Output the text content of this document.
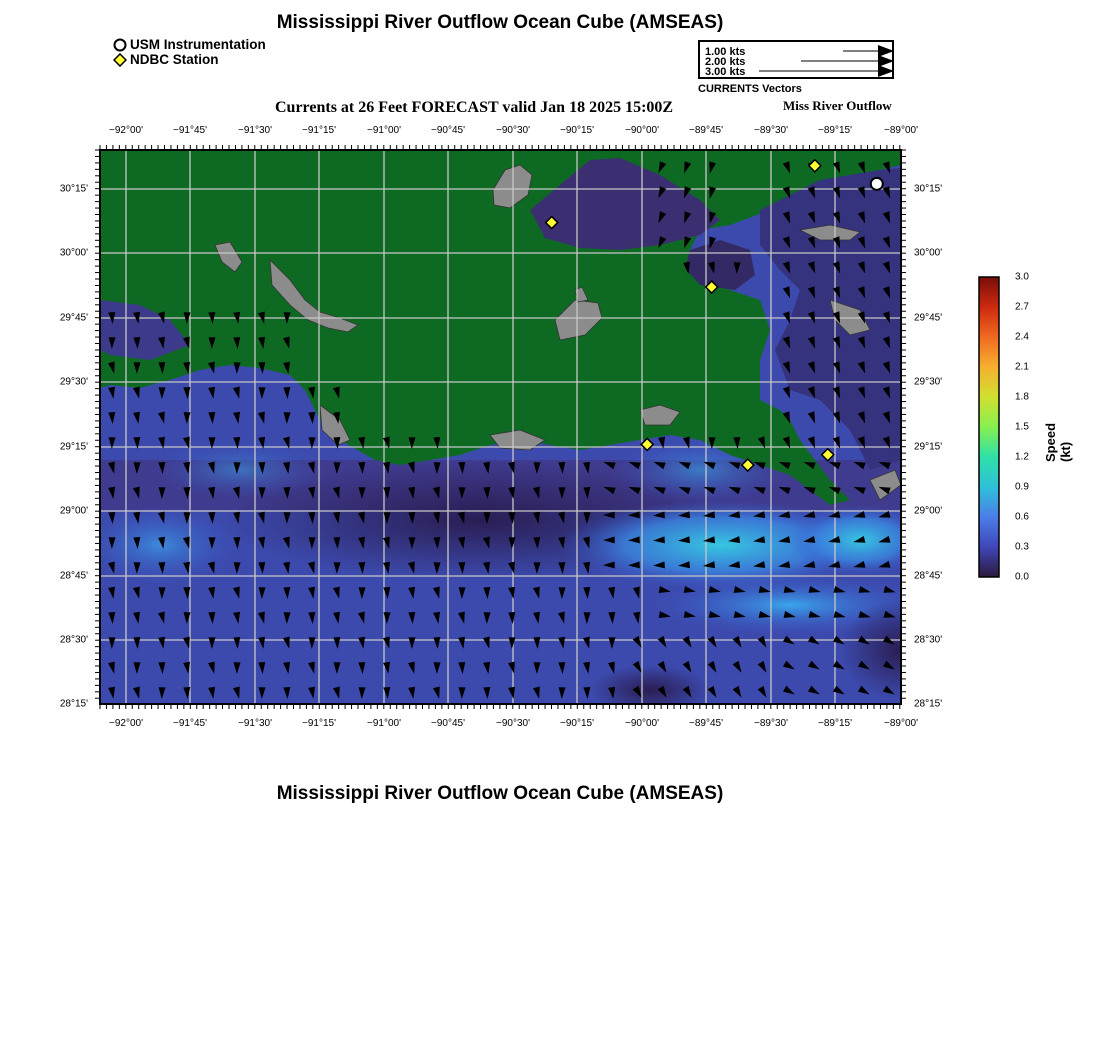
Mississippi River Outflow Ocean Cube (AMSEAS)
USM Instrumentation
NDBC Station	1.00 kts
2.00 kts
3.00 kts
CURRENTS Vectors
Currents at 26 Feet FORECAST valid Jan 18 2025 15:00Z	Miss River Outflow
−92°00'	−91°45'	−91°30'	−91°15'	−91°00'	−90°45'	−90°30'	−90°15'	−90°00'	−89°45'	−89°30'	−89°15'	−89°00'
−92°00'	−91°45'	−91°30'	−91°15'	−91°00'	−90°45'	−90°30'	−90°15'	−90°00'	−89°45'	−89°30'	−89°15'	−89°00'
30°15'
30°00'
29°45'
29°30'
29°15'
29°00'
28°45'
28°30'
28°15'
30°15'
30°00'
29°45'
29°30'
29°15'
29°00'
28°45'
28°30'
28°15'
3.0
2.7
2.4
2.1
1.8
1.5
1.2
0.9
0.6
0.3
0.0
Speed (kt)
Mississippi River Outflow Ocean Cube (AMSEAS)
